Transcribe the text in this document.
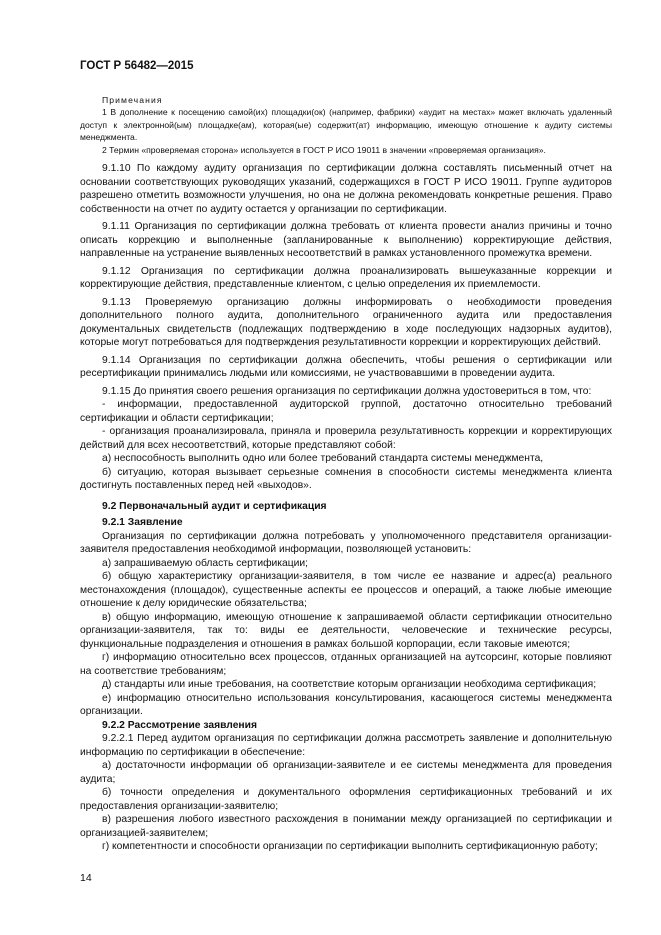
ГОСТ Р 56482—2015
Примечания

1 В дополнение к посещению самой(их) площадки(ок) (например, фабрики) «аудит на местах» может включать удаленный доступ к электронной(ым) площадке(ам), которая(ые) содержит(ат) информацию, имеющую отношение к аудиту системы менеджмента.

2 Термин «проверяемая сторона» используется в ГОСТ Р ИСО 19011 в значении «проверяемая организация».

9.1.10 По каждому аудиту организация по сертификации должна составлять письменный отчет на основании соответствующих руководящих указаний, содержащихся в ГОСТ Р ИСО 19011. Группе аудиторов разрешено отметить возможности улучшения, но она не должна рекомендовать конкретные решения. Право собственности на отчет по аудиту остается у организации по сертификации.

9.1.11 Организация по сертификации должна требовать от клиента провести анализ причины и точно описать коррекцию и выполненные (запланированные к выполнению) корректирующие действия, направленные на устранение выявленных несоответствий в рамках установленного промежутка времени.

9.1.12 Организация по сертификации должна проанализировать вышеуказанные коррекции и корректирующие действия, представленные клиентом, с целью определения их приемлемости.

9.1.13 Проверяемую организацию должны информировать о необходимости проведения дополнительного полного аудита, дополнительного ограниченного аудита или предоставления документальных свидетельств (подлежащих подтверждению в ходе последующих надзорных аудитов), которые могут потребоваться для подтверждения результативности коррекции и корректирующих действий.

9.1.14 Организация по сертификации должна обеспечить, чтобы решения о сертификации или ресертификации принимались людьми или комиссиями, не участвовавшими в проведении аудита.

9.1.15 До принятия своего решения организация по сертификации должна удостовериться в том, что:

- информации, предоставленной аудиторской группой, достаточно относительно требований сертификации и области сертификации;

- организация проанализировала, приняла и проверила результативность коррекции и корректирующих действий для всех несоответствий, которые представляют собой:

а) неспособность выполнить одно или более требований стандарта системы менеджмента,

б) ситуацию, которая вызывает серьезные сомнения в способности системы менеджмента клиента достигнуть поставленных перед ней «выходов».

9.2 Первоначальный аудит и сертификация
9.2.1 Заявление

Организация по сертификации должна потребовать у уполномоченного представителя организации-заявителя предоставления необходимой информации, позволяющей установить:

а) запрашиваемую область сертификации;

б) общую характеристику организации-заявителя, в том числе ее название и адрес(а) реального местонахождения (площадок), существенные аспекты ее процессов и операций, а также любые имеющие отношение к делу юридические обязательства;

в) общую информацию, имеющую отношение к запрашиваемой области сертификации относительно организации-заявителя, так то: виды ее деятельности, человеческие и технические ресурсы, функциональные подразделения и отношения в рамках большой корпорации, если таковые имеются;

г) информацию относительно всех процессов, отданных организацией на аутсорсинг, которые повлияют на соответствие требованиям;

д) стандарты или иные требования, на соответствие которым организации необходима сертификация;

е) информацию относительно использования консультирования, касающегося системы менеджмента организации.

9.2.2 Рассмотрение заявления

9.2.2.1 Перед аудитом организация по сертификации должна рассмотреть заявление и дополнительную информацию по сертификации в обеспечение:

а) достаточности информации об организации-заявителе и ее системы менеджмента для проведения аудита;

б) точности определения и документального оформления сертификационных требований и их предоставления организации-заявителю;

в) разрешения любого известного расхождения в понимании между организацией по сертификации и организацией-заявителем;

г) компетентности и способности организации по сертификации выполнить сертификационную работу;

14
